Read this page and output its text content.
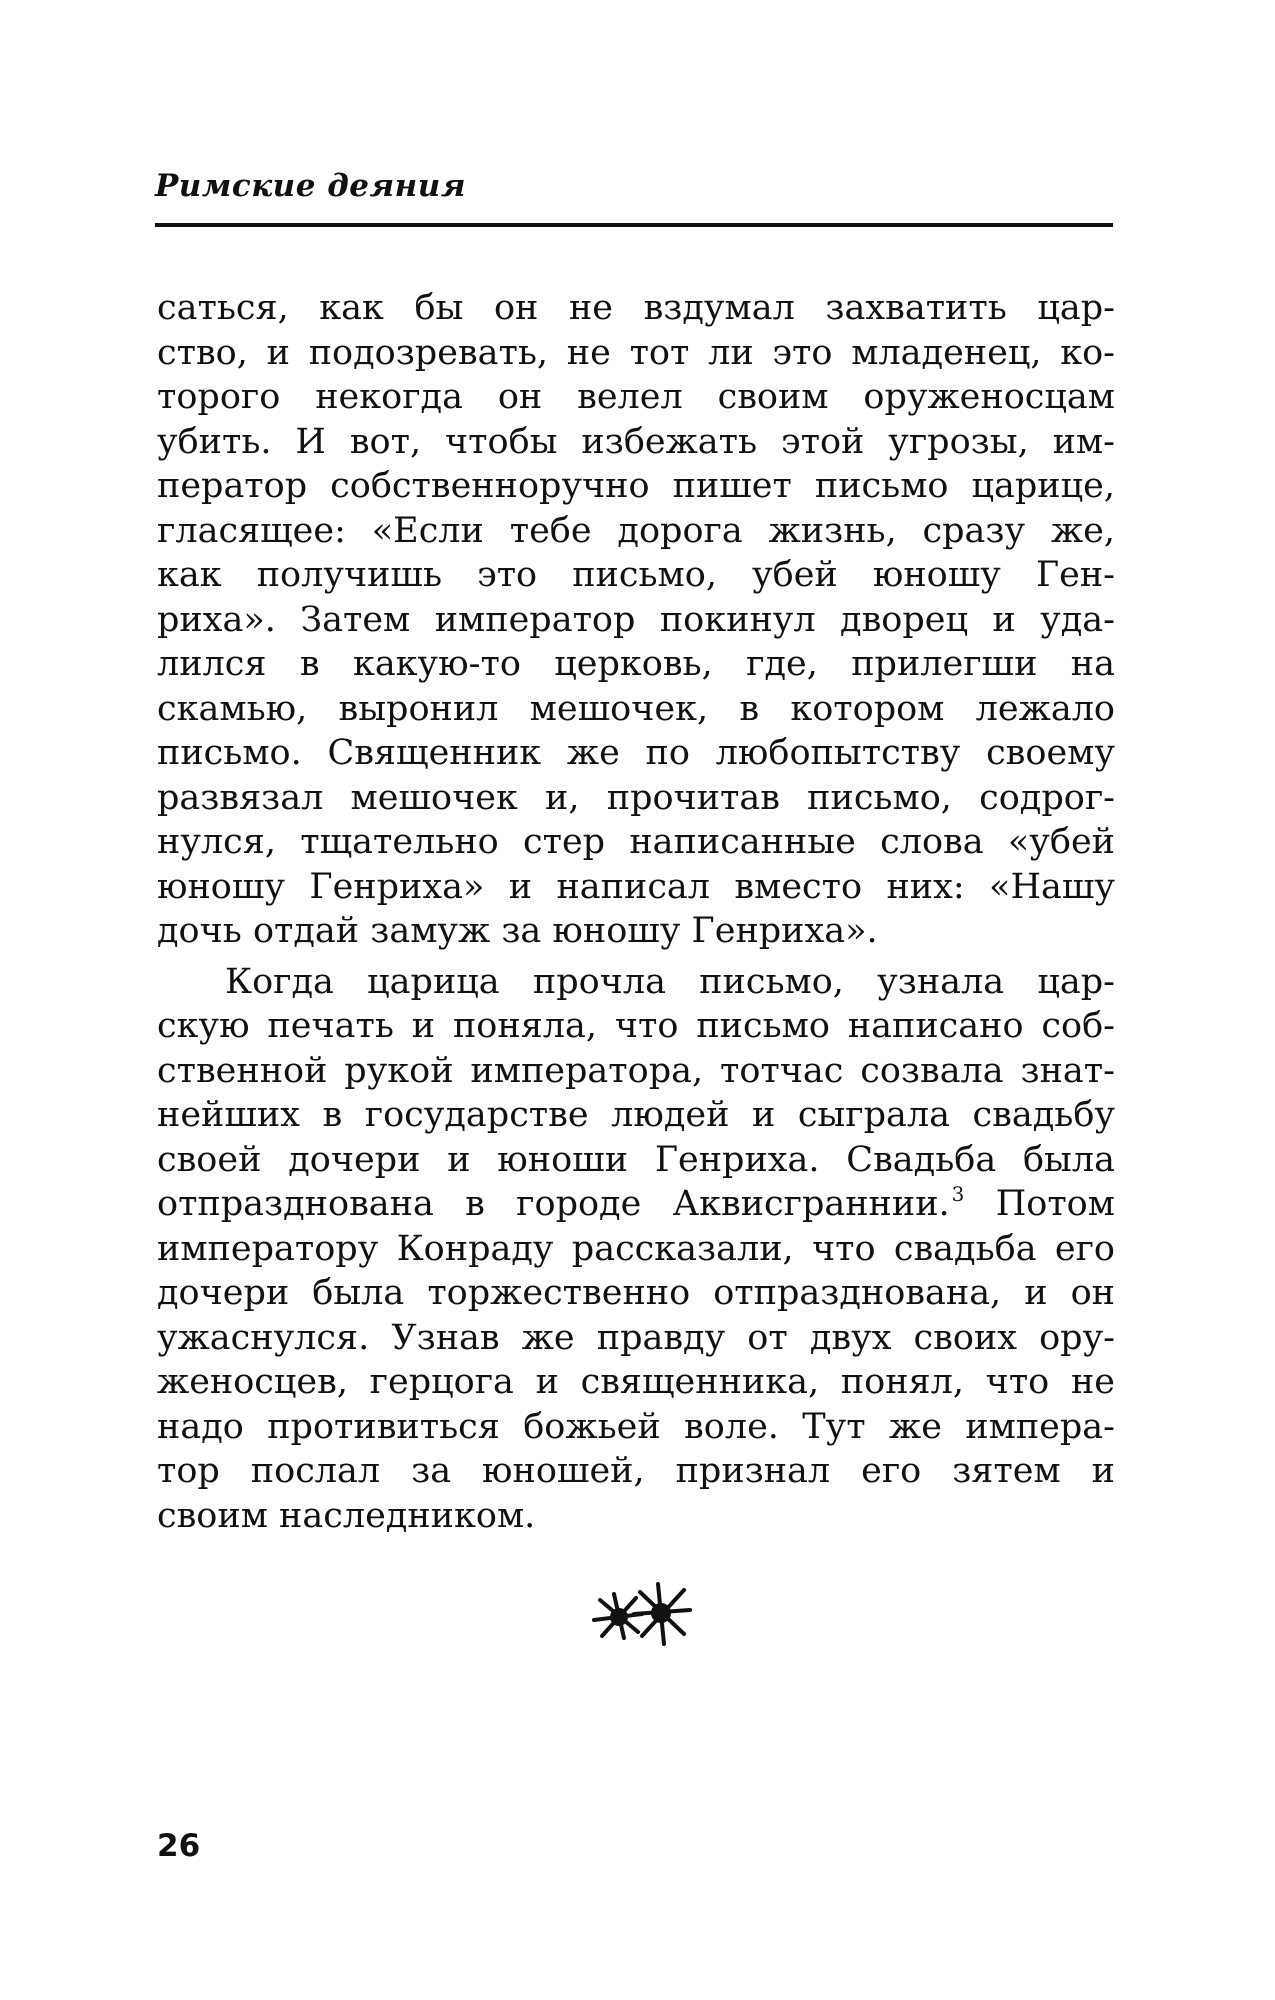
Римские деяния
саться, как бы он не вздумал захватить цар-
ство, и подозревать, не тот ли это младенец, ко-
торого некогда он велел своим оруженосцам
убить. И вот, чтобы избежать этой угрозы, им-
ператор собственноручно пишет письмо царице,
гласящее: «Если тебе дорога жизнь, сразу же,
как получишь это письмо, убей юношу Ген-
риха». Затем император покинул дворец и уда-
лился в какую-то церковь, где, прилегши на
скамью, выронил мешочек, в котором лежало
письмо. Священник же по любопытству своему
развязал мешочек и, прочитав письмо, содрог-
нулся, тщательно стер написанные слова «убей
юношу Генриха» и написал вместо них: «Нашу
дочь отдай замуж за юношу Генриха».
Когда царица прочла письмо, узнала цар-
скую печать и поняла, что письмо написано соб-
ственной рукой императора, тотчас созвала знат-
нейших в государстве людей и сыграла свадьбу
своей дочери и юноши Генриха. Свадьба была
отпразднована в городе Аквисграннии. $^3$ Потом
императору Конраду рассказали, что свадьба его
дочери была торжественно отпразднована, и он
ужаснулся. Узнав же правду от двух своих ору-
женосцев, герцога и священника, понял, что не
надо противиться божьей воле. Тут же импера-
тор послал за юношей, признал его зятем и
своим наследником.
26
